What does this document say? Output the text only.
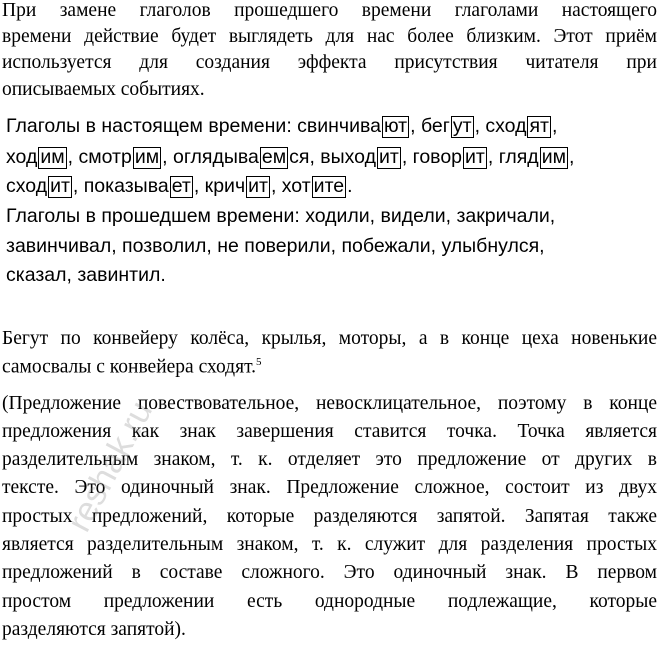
При замене глаголов прошедшего времени глаголами настоящего
времени действие будет выглядеть для нас более близким. Этот приём
используется для создания эффекта присутствия читателя при
описываемых событиях.
Глаголы в настоящем времени: свинчива ют , бег ут , сход ят ,
ход им , смотр им , оглядыва ем ся, выход ит , говор ит , гляд им ,
сход ит , показыва ет , крич ит , хот ите .
Глаголы в прошедшем времени: ходили, видели, закричали,
завинчивал, позволил, не поверили, побежали, улыбнулся,
сказал, завинтил.
Бегут по конвейеру колёса, крылья, моторы, а в конце цеха новенькие
самосвалы с конвейера сходят.$^5$
(Предложение повествовательное, невосклицательное, поэтому в конце
предложения как знак завершения ставится точка. Точка является
разделительным знаком, т. к. отделяет это предложение от других в
тексте. Это одиночный знак. Предложение сложное, состоит из двух
простых предложений, которые разделяются запятой. Запятая также
является разделительным знаком, т. к. служит для разделения простых
предложений в составе сложного. Это одиночный знак. В первом
простом предложении есть однородные подлежащие, которые
разделяются запятой).
reshak.ru
